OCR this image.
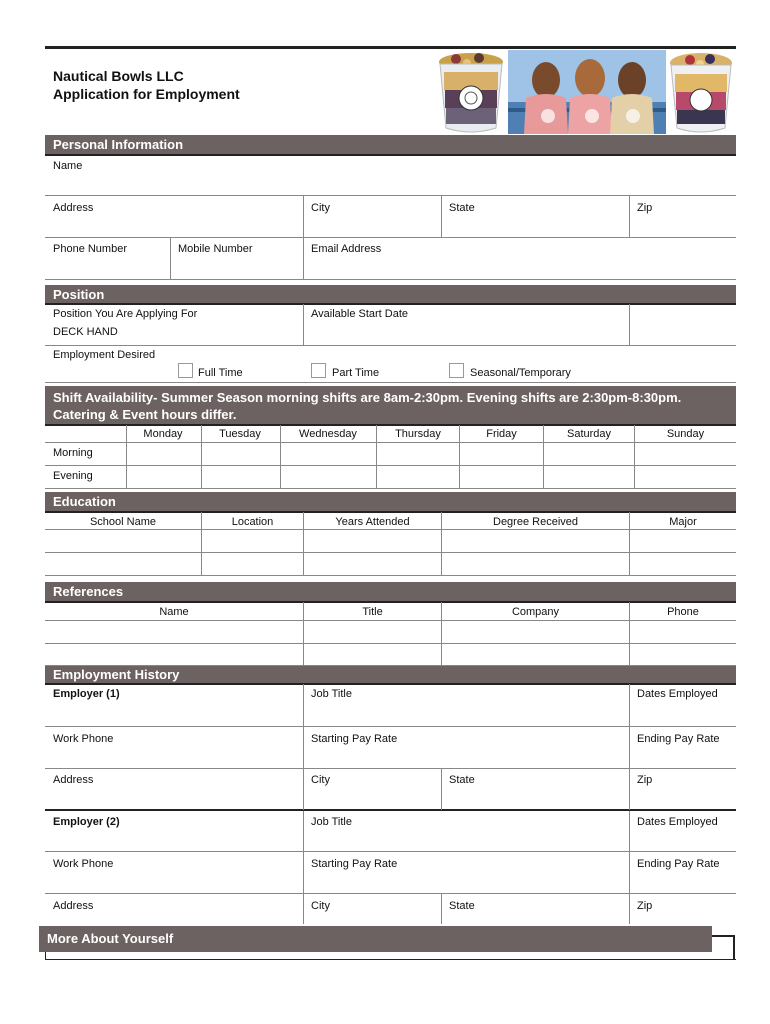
Nautical Bowls LLC
Application for Employment
Personal Information
Name
Address	City	State	Zip
Phone Number	Mobile Number	Email Address
Position
Position You Are Applying For
DECK HAND
Available Start Date
Employment Desired
Full Time	Part Time	Seasonal/Temporary
Shift Availability- Summer Season morning shifts are 8am-2:30pm. Evening shifts are 2:30pm-8:30pm. Catering & Event hours differ.
Monday	Tuesday	Wednesday	Thursday	Friday	Saturday	Sunday
Morning
Evening
Education
School Name	Location	Years Attended	Degree Received	Major
References
Name	Title	Company	Phone
Employment History
Employer (1)	Job Title	Dates Employed
Work Phone	Starting Pay Rate	Ending Pay Rate
Address	City	State	Zip
Employer (2)	Job Title	Dates Employed
Work Phone	Starting Pay Rate	Ending Pay Rate
Address	City	State	Zip
More About Yourself
